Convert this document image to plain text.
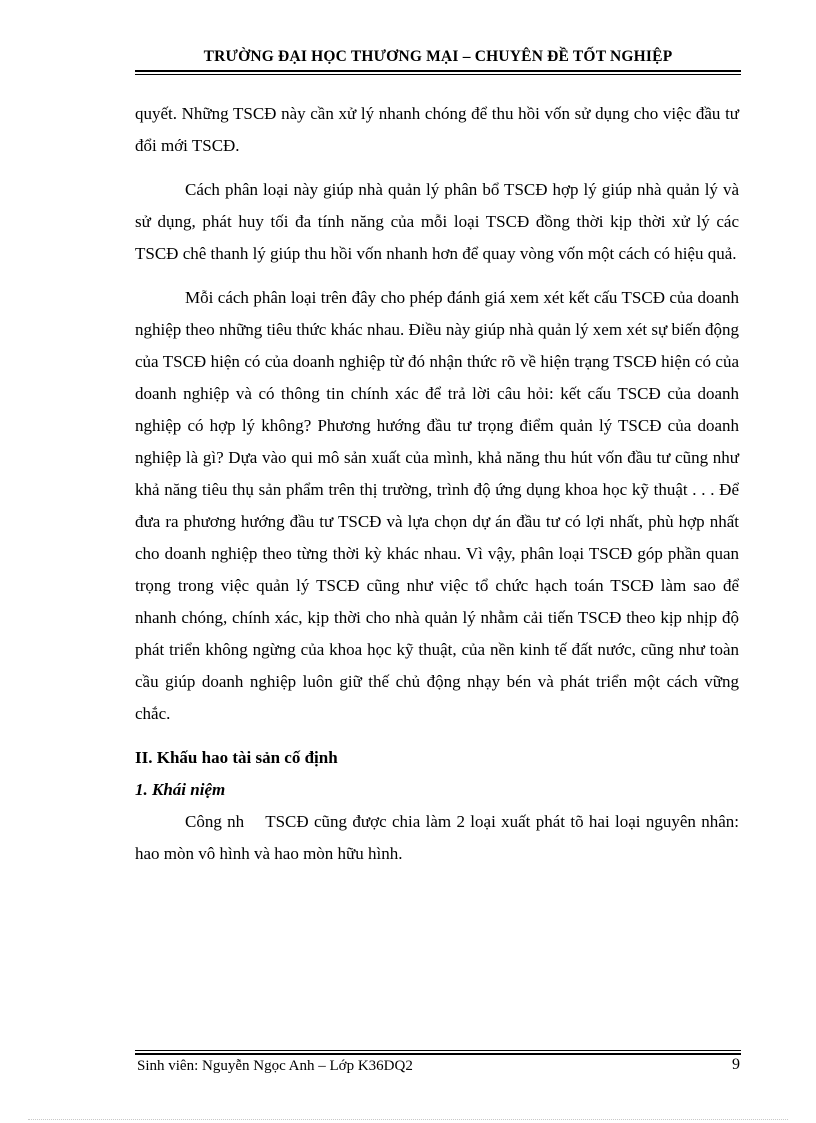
TRƯỜNG ĐẠI HỌC THƯƠNG MẠI – CHUYÊN ĐỀ TỐT NGHIỆP

quyết. Những TSCĐ này cần xử lý nhanh chóng để thu hồi vốn sử dụng cho việc đầu tư đổi mới TSCĐ.

Cách phân loại này giúp nhà quản lý phân bổ TSCĐ hợp lý giúp nhà quản lý và sử dụng, phát huy tối đa tính năng của mỗi loại TSCĐ đồng thời kịp thời xử lý các TSCĐ chê thanh lý giúp thu hồi vốn nhanh hơn để quay vòng vốn một cách có hiệu quả.

Mỗi cách phân loại trên đây cho phép đánh giá xem xét kết cấu TSCĐ của doanh nghiệp theo những tiêu thức khác nhau. Điều này giúp nhà quản lý xem xét sự biến động của TSCĐ hiện có của doanh nghiệp từ đó nhận thức rõ về hiện trạng TSCĐ hiện có của doanh nghiệp và có thông tin chính xác để trả lời câu hỏi: kết cấu TSCĐ của doanh nghiệp có hợp lý không? Phương hướng đầu tư trọng điểm quản lý TSCĐ của doanh nghiệp là gì? Dựa vào qui mô sản xuất của mình, khả năng thu hút vốn đầu tư cũng như khả năng tiêu thụ sản phẩm trên thị trường, trình độ ứng dụng khoa học kỹ thuật . . . Để đưa ra phương hướng đầu tư TSCĐ và lựa chọn dự án đầu tư có lợi nhất, phù hợp nhất cho doanh nghiệp theo từng thời kỳ khác nhau. Vì vậy, phân loại TSCĐ góp phần quan trọng trong việc quản lý TSCĐ cũng như việc tổ chức hạch toán TSCĐ làm sao để nhanh chóng, chính xác, kịp thời cho nhà quản lý nhằm cải tiến TSCĐ theo kịp nhịp độ phát triển không ngừng của khoa học kỹ thuật, của nền kinh tế đất nước, cũng như toàn cầu giúp doanh nghiệp luôn giữ thế chủ động nhạy bén và phát triển một cách vững chắc.

II. Khấu hao tài sản cố định

1. Khái niệm

Công nh    TSCĐ cũng được chia làm 2 loại xuất phát tõ hai loại nguyên nhân: hao mòn vô hình và hao mòn hữu hình.

Sinh viên: Nguyễn Ngọc Anh – Lớp K36DQ2	9
